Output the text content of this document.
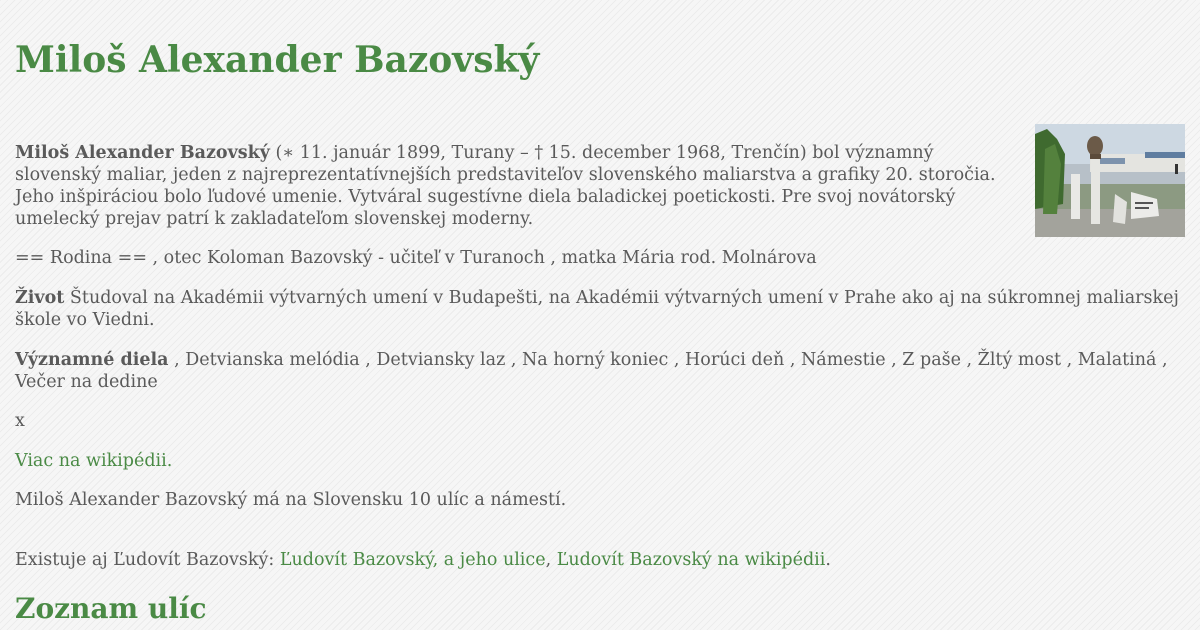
Miloš Alexander Bazovský

Miloš Alexander Bazovský (∗ 11. január 1899, Turany – † 15. december 1968, Trenčín) bol významný slovenský maliar, jeden z najreprezentatívnejších predstaviteľov slovenského maliarstva a grafiky 20. storočia. Jeho inšpiráciou bolo ľudové umenie. Vytváral sugestívne diela baladickej poetickosti. Pre svoj novátorský umelecký prejav patrí k zakladateľom slovenskej moderny.

== Rodina == , otec Koloman Bazovský - učiteľ v Turanoch , matka Mária rod. Molnárova

Život Študoval na Akadémii výtvarných umení v Budapešti, na Akadémii výtvarných umení v Prahe ako aj na súkromnej maliarskej škole vo Viedni.

Významné diela , Detvianska melódia , Detviansky laz , Na horný koniec , Horúci deň , Námestie , Z paše , Žltý most , Malatiná , Večer na dedine

x

Viac na wikipédii.

Miloš Alexander Bazovský má na Slovensku 10 ulíc a námestí.

Existuje aj Ľudovít Bazovský: Ľudovít Bazovský, a jeho ulice, Ľudovít Bazovský na wikipédii.

Zoznam ulíc
